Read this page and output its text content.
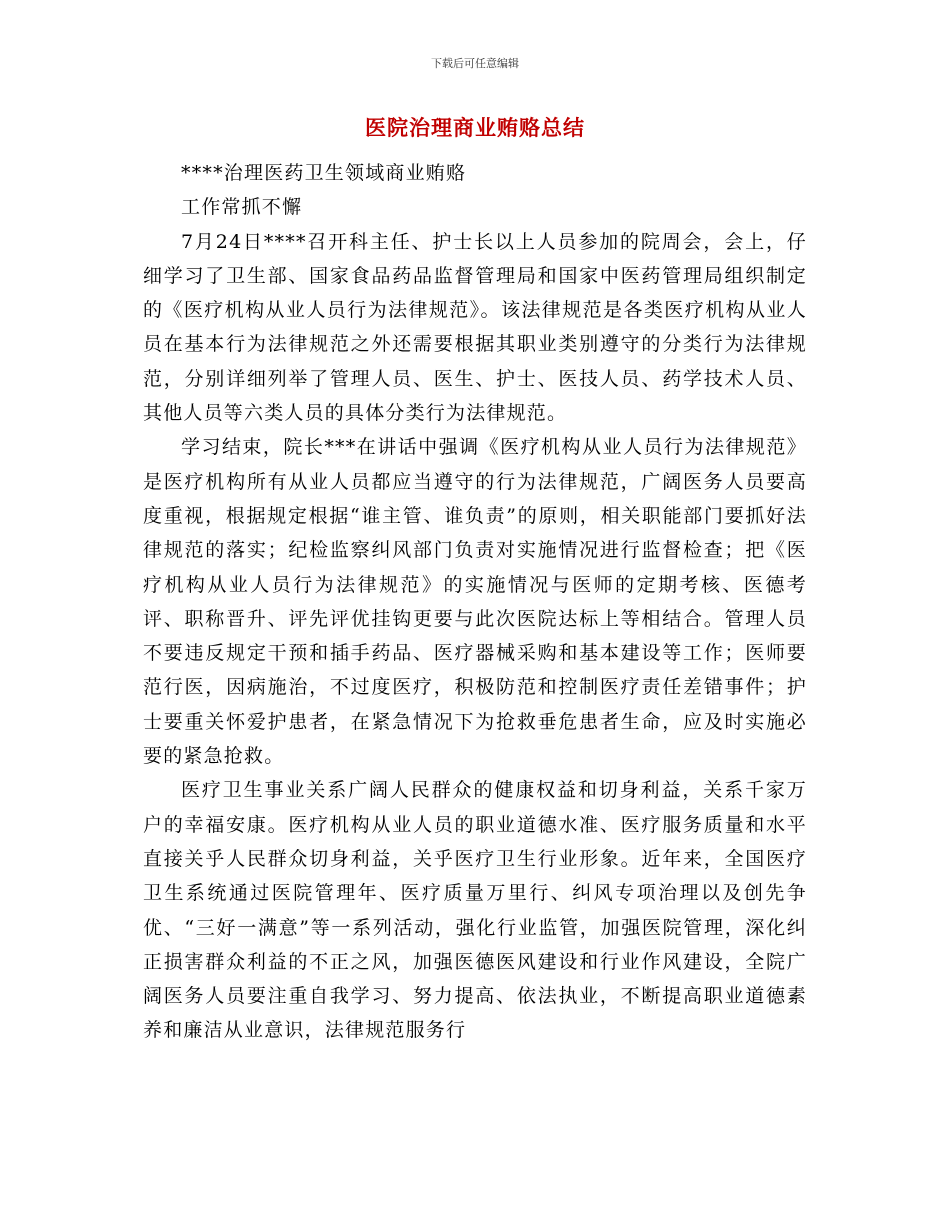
下载后可任意编辑
医院治理商业贿赂总结

****治理医药卫生领域商业贿赂

工作常抓不懈

7月24日****召开科主任、护士长以上人员参加的院周会，会上，仔细学习了卫生部、国家食品药品监督管理局和国家中医药管理局组织制定的《医疗机构从业人员行为法律规范》。该法律规范是各类医疗机构从业人员在基本行为法律规范之外还需要根据其职业类别遵守的分类行为法律规范，分别详细列举了管理人员、医生、护士、医技人员、药学技术人员、其他人员等六类人员的具体分类行为法律规范。

学习结束，院长***在讲话中强调《医疗机构从业人员行为法律规范》是医疗机构所有从业人员都应当遵守的行为法律规范，广阔医务人员要高度重视，根据规定根据“谁主管、谁负责”的原则，相关职能部门要抓好法律规范的落实；纪检监察纠风部门负责对实施情况进行监督检查；把《医疗机构从业人员行为法律规范》的实施情况与医师的定期考核、医德考评、职称晋升、评先评优挂钩更要与此次医院达标上等相结合。管理人员不要违反规定干预和插手药品、医疗器械采购和基本建设等工作；医师要范行医，因病施治，不过度医疗，积极防范和控制医疗责任差错事件；护士要重关怀爱护患者，在紧急情况下为抢救垂危患者生命，应及时实施必要的紧急抢救。

医疗卫生事业关系广阔人民群众的健康权益和切身利益，关系千家万户的幸福安康。医疗机构从业人员的职业道德水准、医疗服务质量和水平直接关乎人民群众切身利益，关乎医疗卫生行业形象。近年来，全国医疗卫生系统通过医院管理年、医疗质量万里行、纠风专项治理以及创先争优、“三好一满意”等一系列活动，强化行业监管，加强医院管理，深化纠正损害群众利益的不正之风，加强医德医风建设和行业作风建设，全院广阔医务人员要注重自我学习、努力提高、依法执业，不断提高职业道德素养和廉洁从业意识，法律规范服务行
